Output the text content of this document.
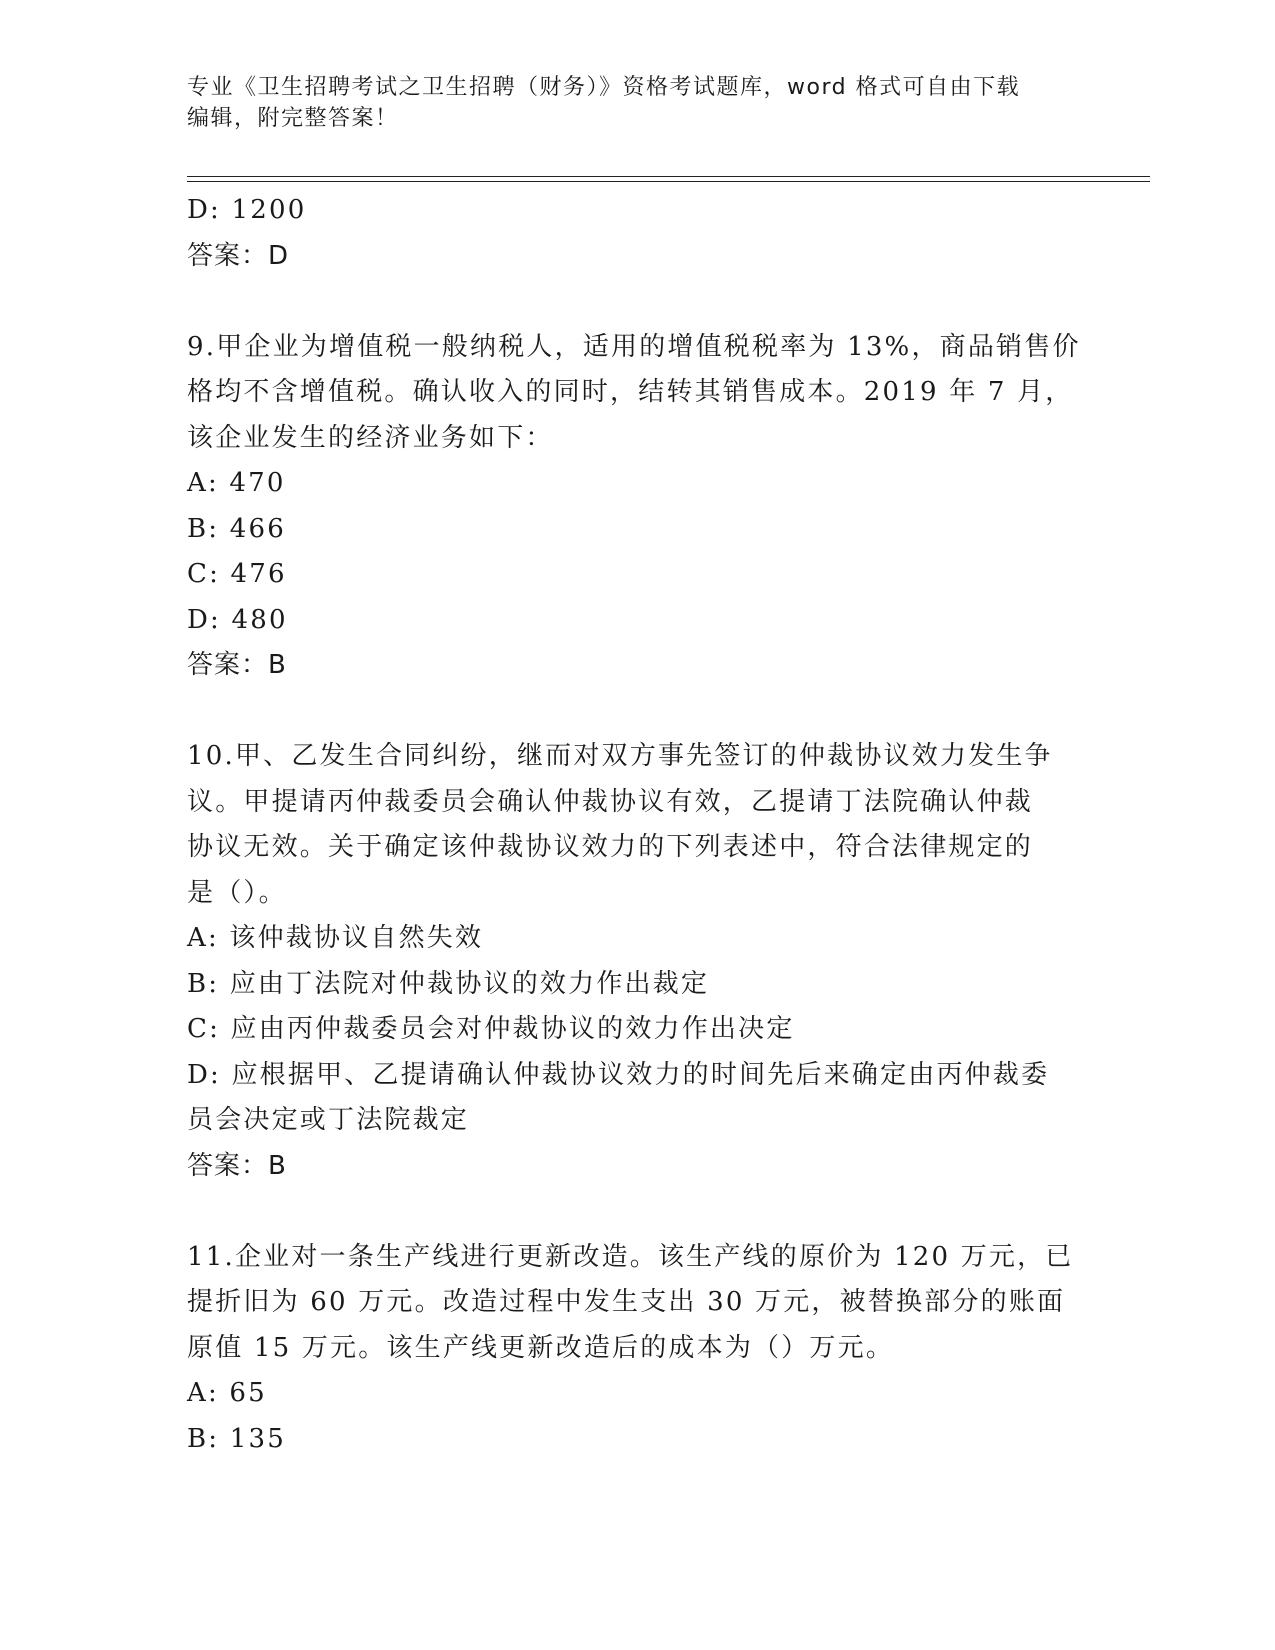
专业《卫生招聘考试之卫生招聘（财务）》资格考试题库，word 格式可自由下载
编辑，附完整答案！
D: 1200
答案：D
9.甲企业为增值税一般纳税人，适用的增值税税率为 13%，商品销售价
格均不含增值税。确认收入的同时，结转其销售成本。2019 年 7 月，
该企业发生的经济业务如下：
A: 470
B: 466
C: 476
D: 480
答案：B
10.甲、乙发生合同纠纷，继而对双方事先签订的仲裁协议效力发生争
议。甲提请丙仲裁委员会确认仲裁协议有效，乙提请丁法院确认仲裁
协议无效。关于确定该仲裁协议效力的下列表述中，符合法律规定的
是（）。
A: 该仲裁协议自然失效
B: 应由丁法院对仲裁协议的效力作出裁定
C: 应由丙仲裁委员会对仲裁协议的效力作出决定
D: 应根据甲、乙提请确认仲裁协议效力的时间先后来确定由丙仲裁委
员会决定或丁法院裁定
答案：B
11.企业对一条生产线进行更新改造。该生产线的原价为 120 万元，已
提折旧为 60 万元。改造过程中发生支出 30 万元，被替换部分的账面
原值 15 万元。该生产线更新改造后的成本为（）万元。
A: 65
B: 135
